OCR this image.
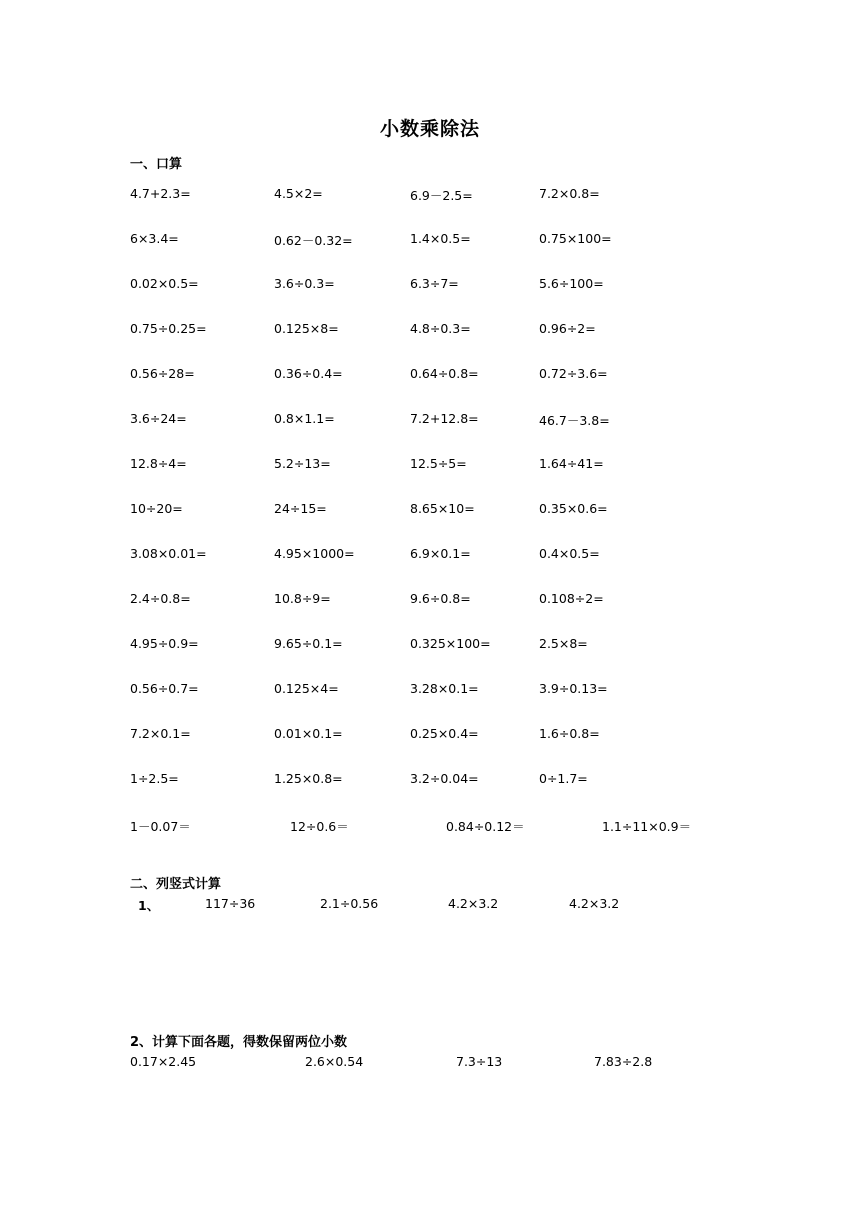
小数乘除法
一、口算
4.7+2.3=	4.5×2=	6.9－2.5=	7.2×0.8=
6×3.4=	0.62－0.32=	1.4×0.5=	0.75×100=
0.02×0.5=	3.6÷0.3=	6.3÷7=	5.6÷100=
0.75÷0.25=	0.125×8=	4.8÷0.3=	0.96÷2=
0.56÷28=	0.36÷0.4=	0.64÷0.8=	0.72÷3.6=
3.6÷24=	0.8×1.1=	7.2+12.8=	46.7－3.8=
12.8÷4=	5.2÷13=	12.5÷5=	1.64÷41=
10÷20=	24÷15=	8.65×10=	0.35×0.6=
3.08×0.01=	4.95×1000=	6.9×0.1=	0.4×0.5=
2.4÷0.8=	10.8÷9=	9.6÷0.8=	0.108÷2=
4.95÷0.9=	9.65÷0.1=	0.325×100=	2.5×8=
0.56÷0.7=	0.125×4=	3.28×0.1=	3.9÷0.13=
7.2×0.1=	0.01×0.1=	0.25×0.4=	1.6÷0.8=
1÷2.5=	1.25×0.8=	3.2÷0.04=	0÷1.7=
1－0.07＝	12÷0.6＝	0.84÷0.12＝	1.1÷11×0.9＝
二、列竖式计算
1、	117÷36	2.1÷0.56	4.2×3.2	4.2×3.2
2、计算下面各题，得数保留两位小数
0.17×2.45	2.6×0.54	7.3÷13	7.83÷2.8
